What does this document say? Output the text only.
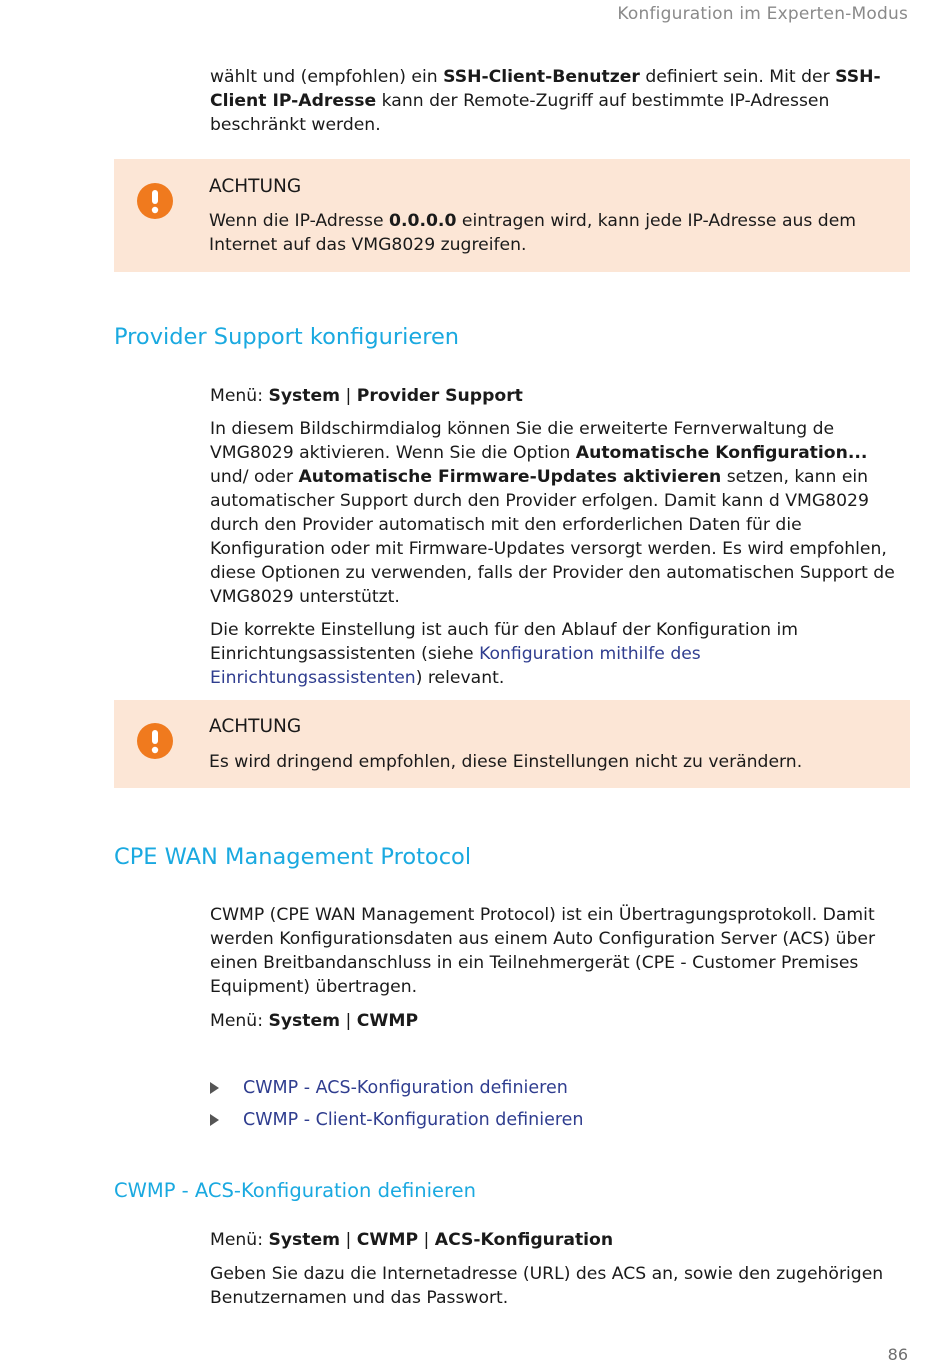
Konfiguration im Experten-Modus

wählt und (empfohlen) ein SSH-Client-Benutzer definiert sein. Mit der SSH-Client IP-Adresse kann der Remote-Zugriff auf bestimmte IP-Adressen beschränkt werden.

ACHTUNG

Wenn die IP-Adresse 0.0.0.0 eintragen wird, kann jede IP-Adresse aus dem Internet auf das VMG8029 zugreifen.

Provider Support konfigurieren

Menü: System | Provider Support

In diesem Bildschirmdialog können Sie die erweiterte Fernverwaltung de VMG8029 aktivieren. Wenn Sie die Option Automatische Konfiguration... und/ oder Automatische Firmware-Updates aktivieren setzen, kann ein automatischer Support durch den Provider erfolgen. Damit kann d VMG8029 durch den Provider automatisch mit den erforderlichen Daten für die Konfiguration oder mit Firmware-Updates versorgt werden. Es wird empfohlen, diese Optionen zu verwenden, falls der Provider den automatischen Support de VMG8029 unterstützt.

Die korrekte Einstellung ist auch für den Ablauf der Konfiguration im Einrichtungsassistenten (siehe Konfiguration mithilfe des Einrichtungsassistenten) relevant.

ACHTUNG

Es wird dringend empfohlen, diese Einstellungen nicht zu verändern.

CPE WAN Management Protocol

CWMP (CPE WAN Management Protocol) ist ein Übertragungsprotokoll. Damit werden Konfigurationsdaten aus einem Auto Configuration Server (ACS) über einen Breitbandanschluss in ein Teilnehmergerät (CPE - Customer Premises Equipment) übertragen.

Menü: System | CWMP

CWMP - ACS-Konfiguration definieren
CWMP - Client-Konfiguration definieren
CWMP - ACS-Konfiguration definieren

Menü: System | CWMP | ACS-Konfiguration

Geben Sie dazu die Internetadresse (URL) des ACS an, sowie den zugehörigen Benutzernamen und das Passwort.

86
